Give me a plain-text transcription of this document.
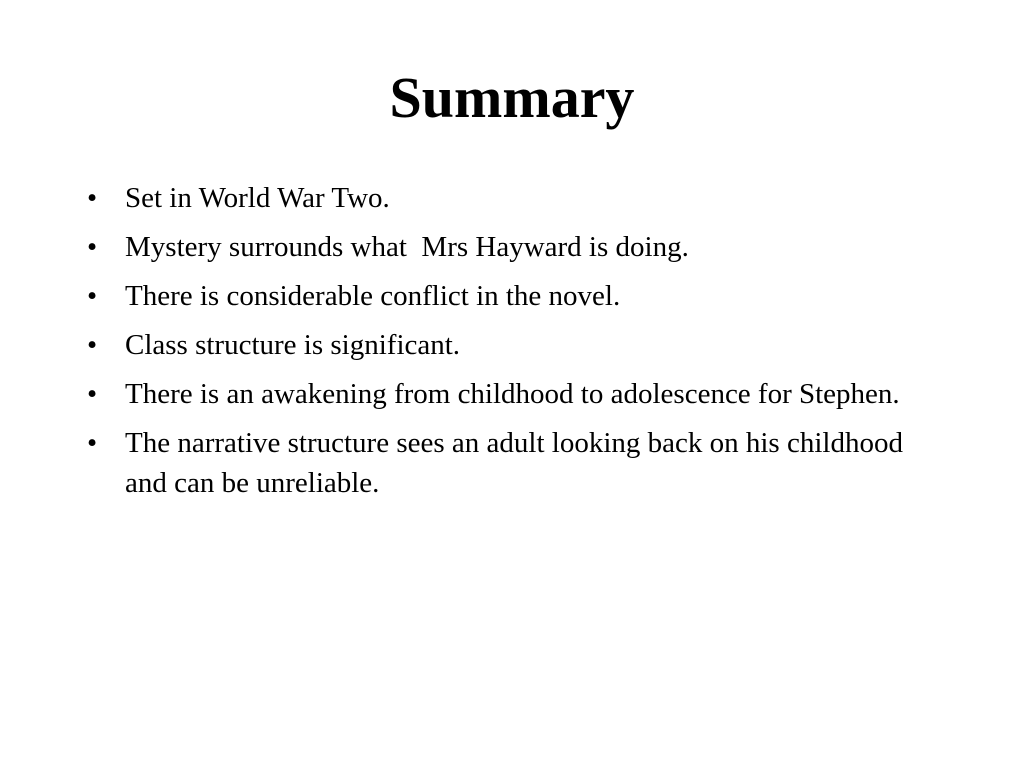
Summary
• Set in World War Two.
• Mystery surrounds what  Mrs Hayward is doing.
• There is considerable conflict in the novel.
• Class structure is significant.
• There is an awakening from childhood to adolescence for Stephen.
• The narrative structure sees an adult looking back on his childhood and can be unreliable.
